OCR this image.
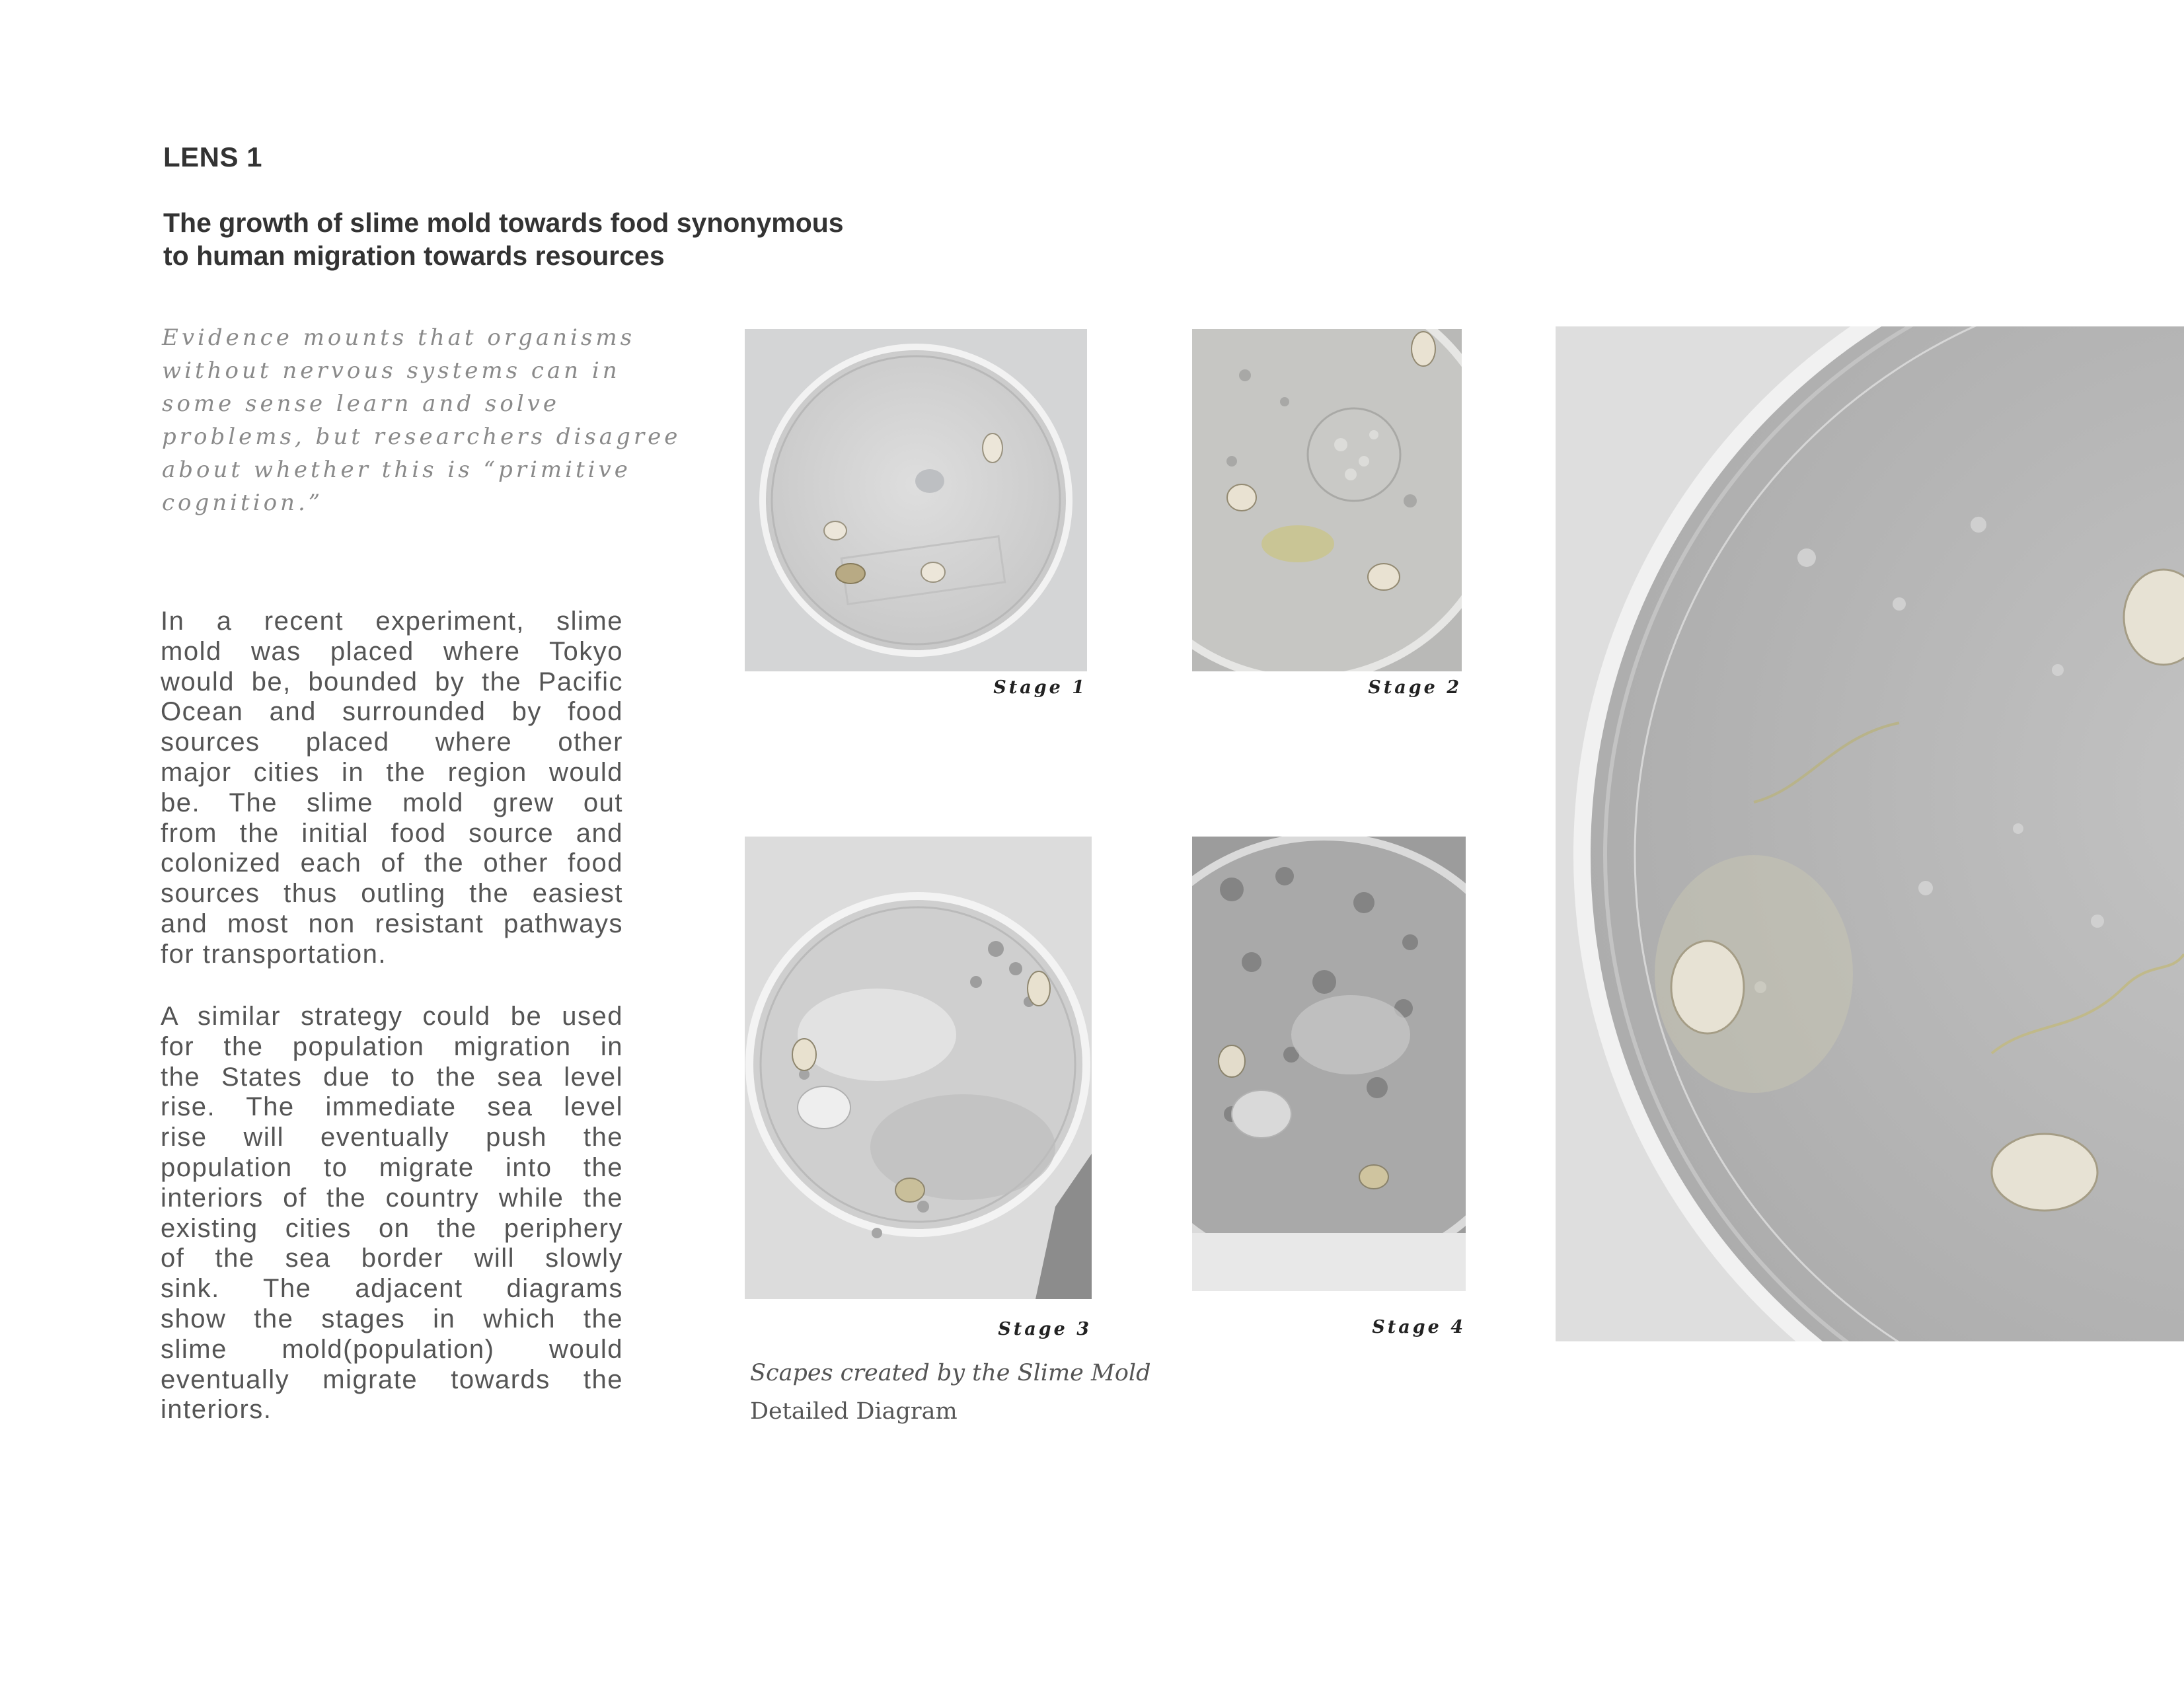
LENS 1
The growth of slime mold towards food synonymous
to human migration towards resources
Evidence mounts that organisms
without nervous systems can in
some sense learn and solve
problems, but researchers disagree
about whether this is “primitive
cognition.”
In a recent experiment, slime
mold was placed where Tokyo
would be, bounded by the Pacific
Ocean and surrounded by food
sources placed where other
major cities in the region would
be. The slime mold grew out
from the initial food source and
colonized each of the other food
sources thus outling the easiest
and most non resistant pathways
for transportation.
A similar strategy could be used
for the population migration in
the States due to the sea level
rise. The immediate sea level
rise will eventually push the
population to migrate into the
interiors of the country while the
existing cities on the periphery
of the sea border will slowly
sink. The adjacent diagrams
show the stages in which the
slime mold(population) would
eventually migrate towards the
interiors.
Stage 1	Stage 2
Stage 3	Stage 4
Scapes created by the Slime Mold
Detailed Diagram
